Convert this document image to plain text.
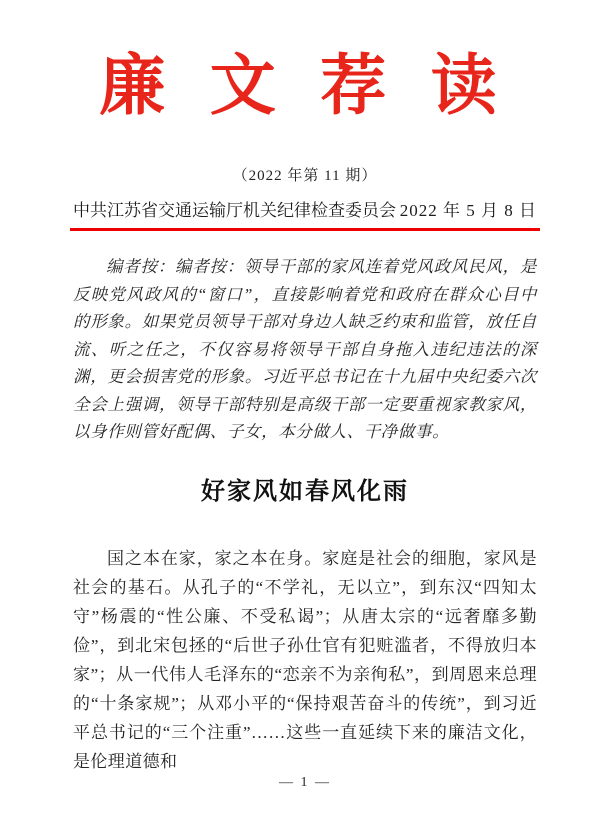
廉 文 荐 读
（2022 年第 11 期）
中共江苏省交通运输厅机关纪律检查委员会 2022 年 5 月 8 日

编者按：编者按：领导干部的家风连着党风政风民风，是反映党风政风的“窗口”，直接影响着党和政府在群众心目中的形象。如果党员领导干部对身边人缺乏约束和监管，放任自流、听之任之，不仅容易将领导干部自身拖入违纪违法的深渊，更会损害党的形象。习近平总书记在十九届中央纪委六次全会上强调，领导干部特别是高级干部一定要重视家教家风，以身作则管好配偶、子女，本分做人、干净做事。

好家风如春风化雨

国之本在家，家之本在身。家庭是社会的细胞，家风是社会的基石。从孔子的“不学礼，无以立”，到东汉“四知太守”杨震的“性公廉、不受私谒”；从唐太宗的“远奢靡多勤俭”，到北宋包拯的“后世子孙仕官有犯赃滥者，不得放归本家”；从一代伟人毛泽东的“恋亲不为亲徇私”，到周恩来总理的“十条家规”；从邓小平的“保持艰苦奋斗的传统”，到习近平总书记的“三个注重”……这些一直延续下来的廉洁文化，是伦理道德和

— 1 —
